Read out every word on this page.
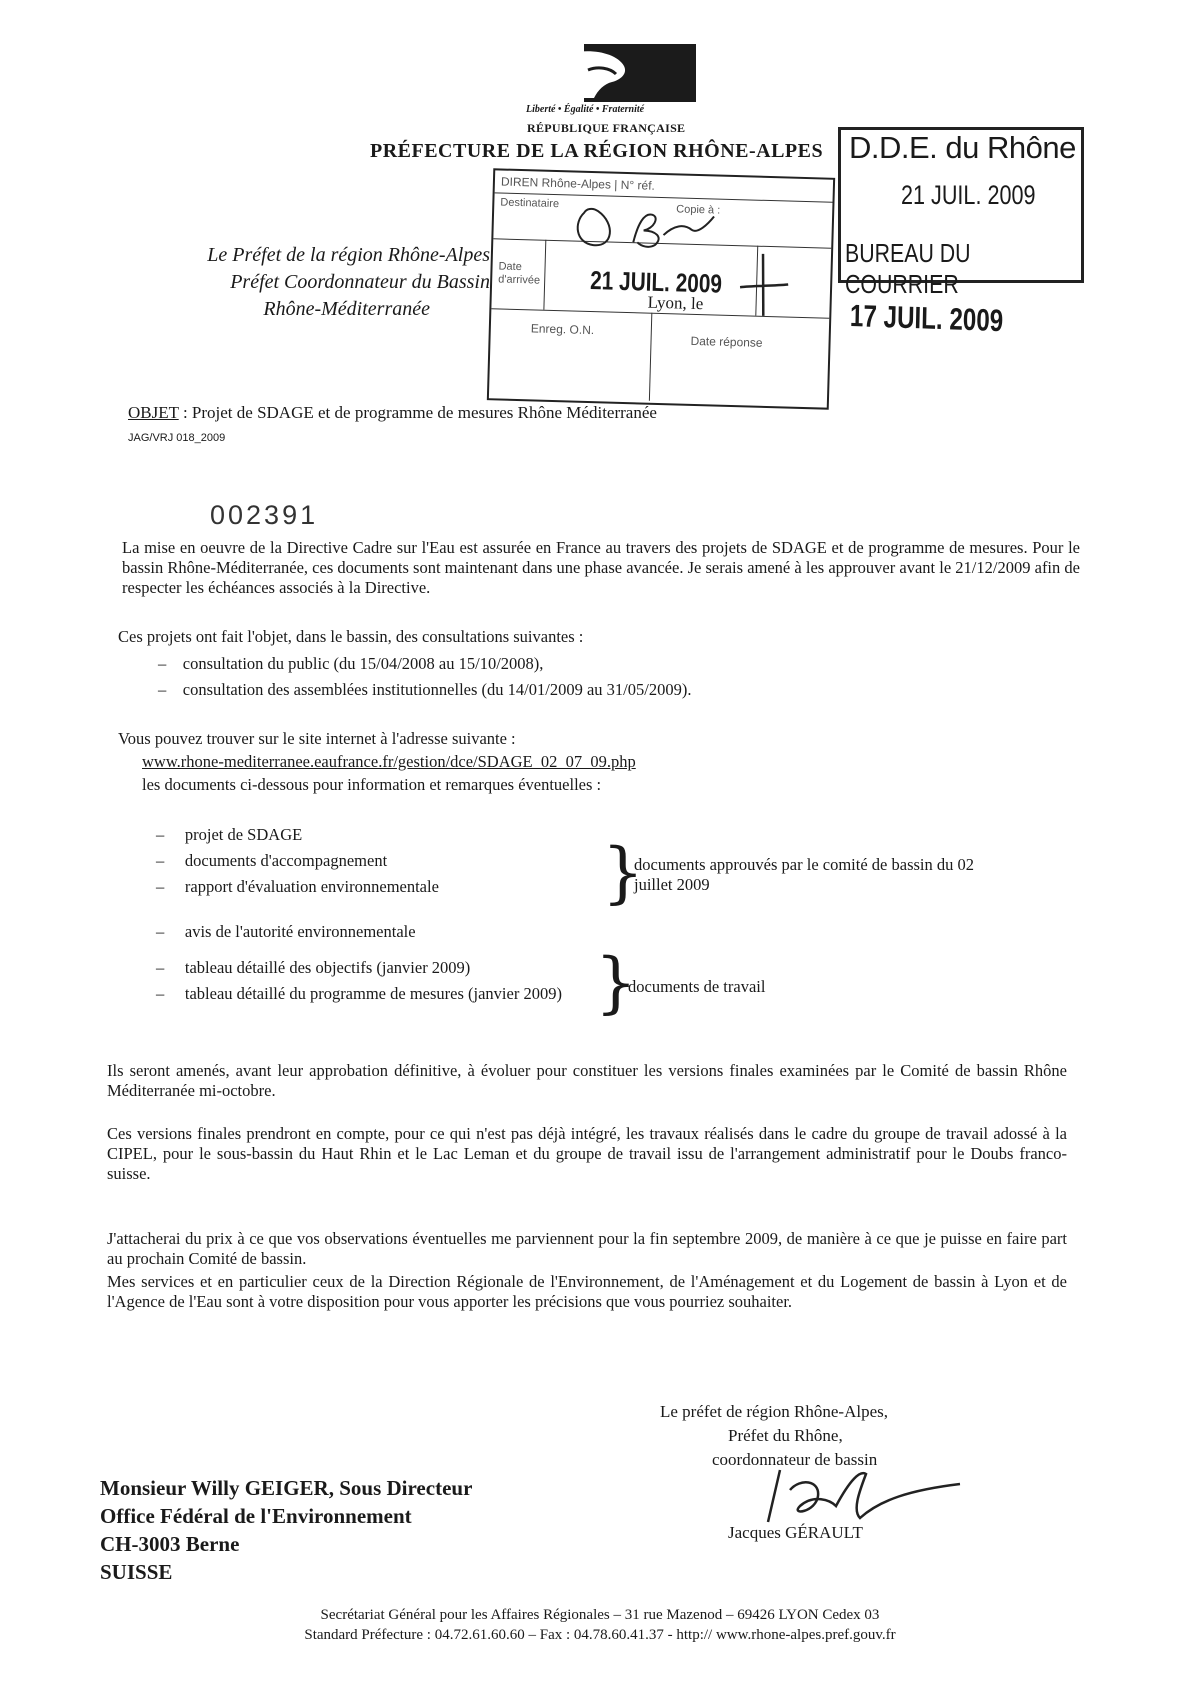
Liberté • Égalité • Fraternité
RÉPUBLIQUE FRANÇAISE
PRÉFECTURE DE LA RÉGION RHÔNE-ALPES
Le Préfet de la région Rhône-Alpes
Préfet Coordonnateur du Bassin
Rhône-Méditerranée
DIREN Rhône-Alpes | N° réf.
Destinataire	Copie à :
Date d'arrivée 21 JUIL. 2009
Lyon, le
Enreg. O.N.
Date réponse
D.D.E. du Rhône
21 JUIL. 2009
BUREAU DU COURRIER
17 JUIL. 2009
OBJET : Projet de SDAGE et de programme de mesures Rhône Méditerranée
JAG/VRJ 018_2009
002391
La mise en oeuvre de la Directive Cadre sur l'Eau est assurée en France au travers des projets de SDAGE et de programme de mesures. Pour le bassin Rhône-Méditerranée, ces documents sont maintenant dans une phase avancée. Je serais amené à les approuver avant le 21/12/2009 afin de respecter les échéances associés à la Directive.
Ces projets ont fait l'objet, dans le bassin, des consultations suivantes :
– consultation du public (du 15/04/2008 au 15/10/2008),
– consultation des assemblées institutionnelles (du 14/01/2009 au 31/05/2009).
Vous pouvez trouver sur le site internet à l'adresse suivante :
www.rhone-mediterranee.eaufrance.fr/gestion/dce/SDAGE_02_07_09.php
les documents ci-dessous pour information et remarques éventuelles :
–     projet de SDAGE
–     documents d'accompagnement
–     rapport d'évaluation environnementale }
documents approuvés par le comité de bassin du 02 juillet 2009
–     avis de l'autorité environnementale
–     tableau détaillé des objectifs (janvier 2009)
– tableau détaillé du programme de mesures (janvier 2009) }
documents de travail
Ils seront amenés, avant leur approbation définitive, à évoluer pour constituer les versions finales examinées par le Comité de bassin Rhône Méditerranée mi-octobre.
Ces versions finales prendront en compte, pour ce qui n'est pas déjà intégré, les travaux réalisés dans le cadre du groupe de travail adossé à la CIPEL, pour le sous-bassin du Haut Rhin et le Lac Leman et du groupe de travail issu de l'arrangement administratif pour le Doubs franco-suisse.
J'attacherai du prix à ce que vos observations éventuelles me parviennent pour la fin septembre 2009, de manière à ce que je puisse en faire part au prochain Comité de bassin.
Mes services et en particulier ceux de la Direction Régionale de l'Environnement, de l'Aménagement et du Logement de bassin à Lyon et de l'Agence de l'Eau sont à votre disposition pour vous apporter les précisions que vous pourriez souhaiter.
Le préfet de région Rhône-Alpes,
Préfet du Rhône,
coordonnateur de bassin
Jacques GÉRAULT
Monsieur Willy GEIGER, Sous Directeur
Office Fédéral de l'Environnement
CH-3003 Berne
SUISSE
Secrétariat Général pour les Affaires Régionales – 31 rue Mazenod – 69426 LYON Cedex 03
Standard Préfecture : 04.72.61.60.60 – Fax : 04.78.60.41.37 - http:// www.rhone-alpes.pref.gouv.fr
